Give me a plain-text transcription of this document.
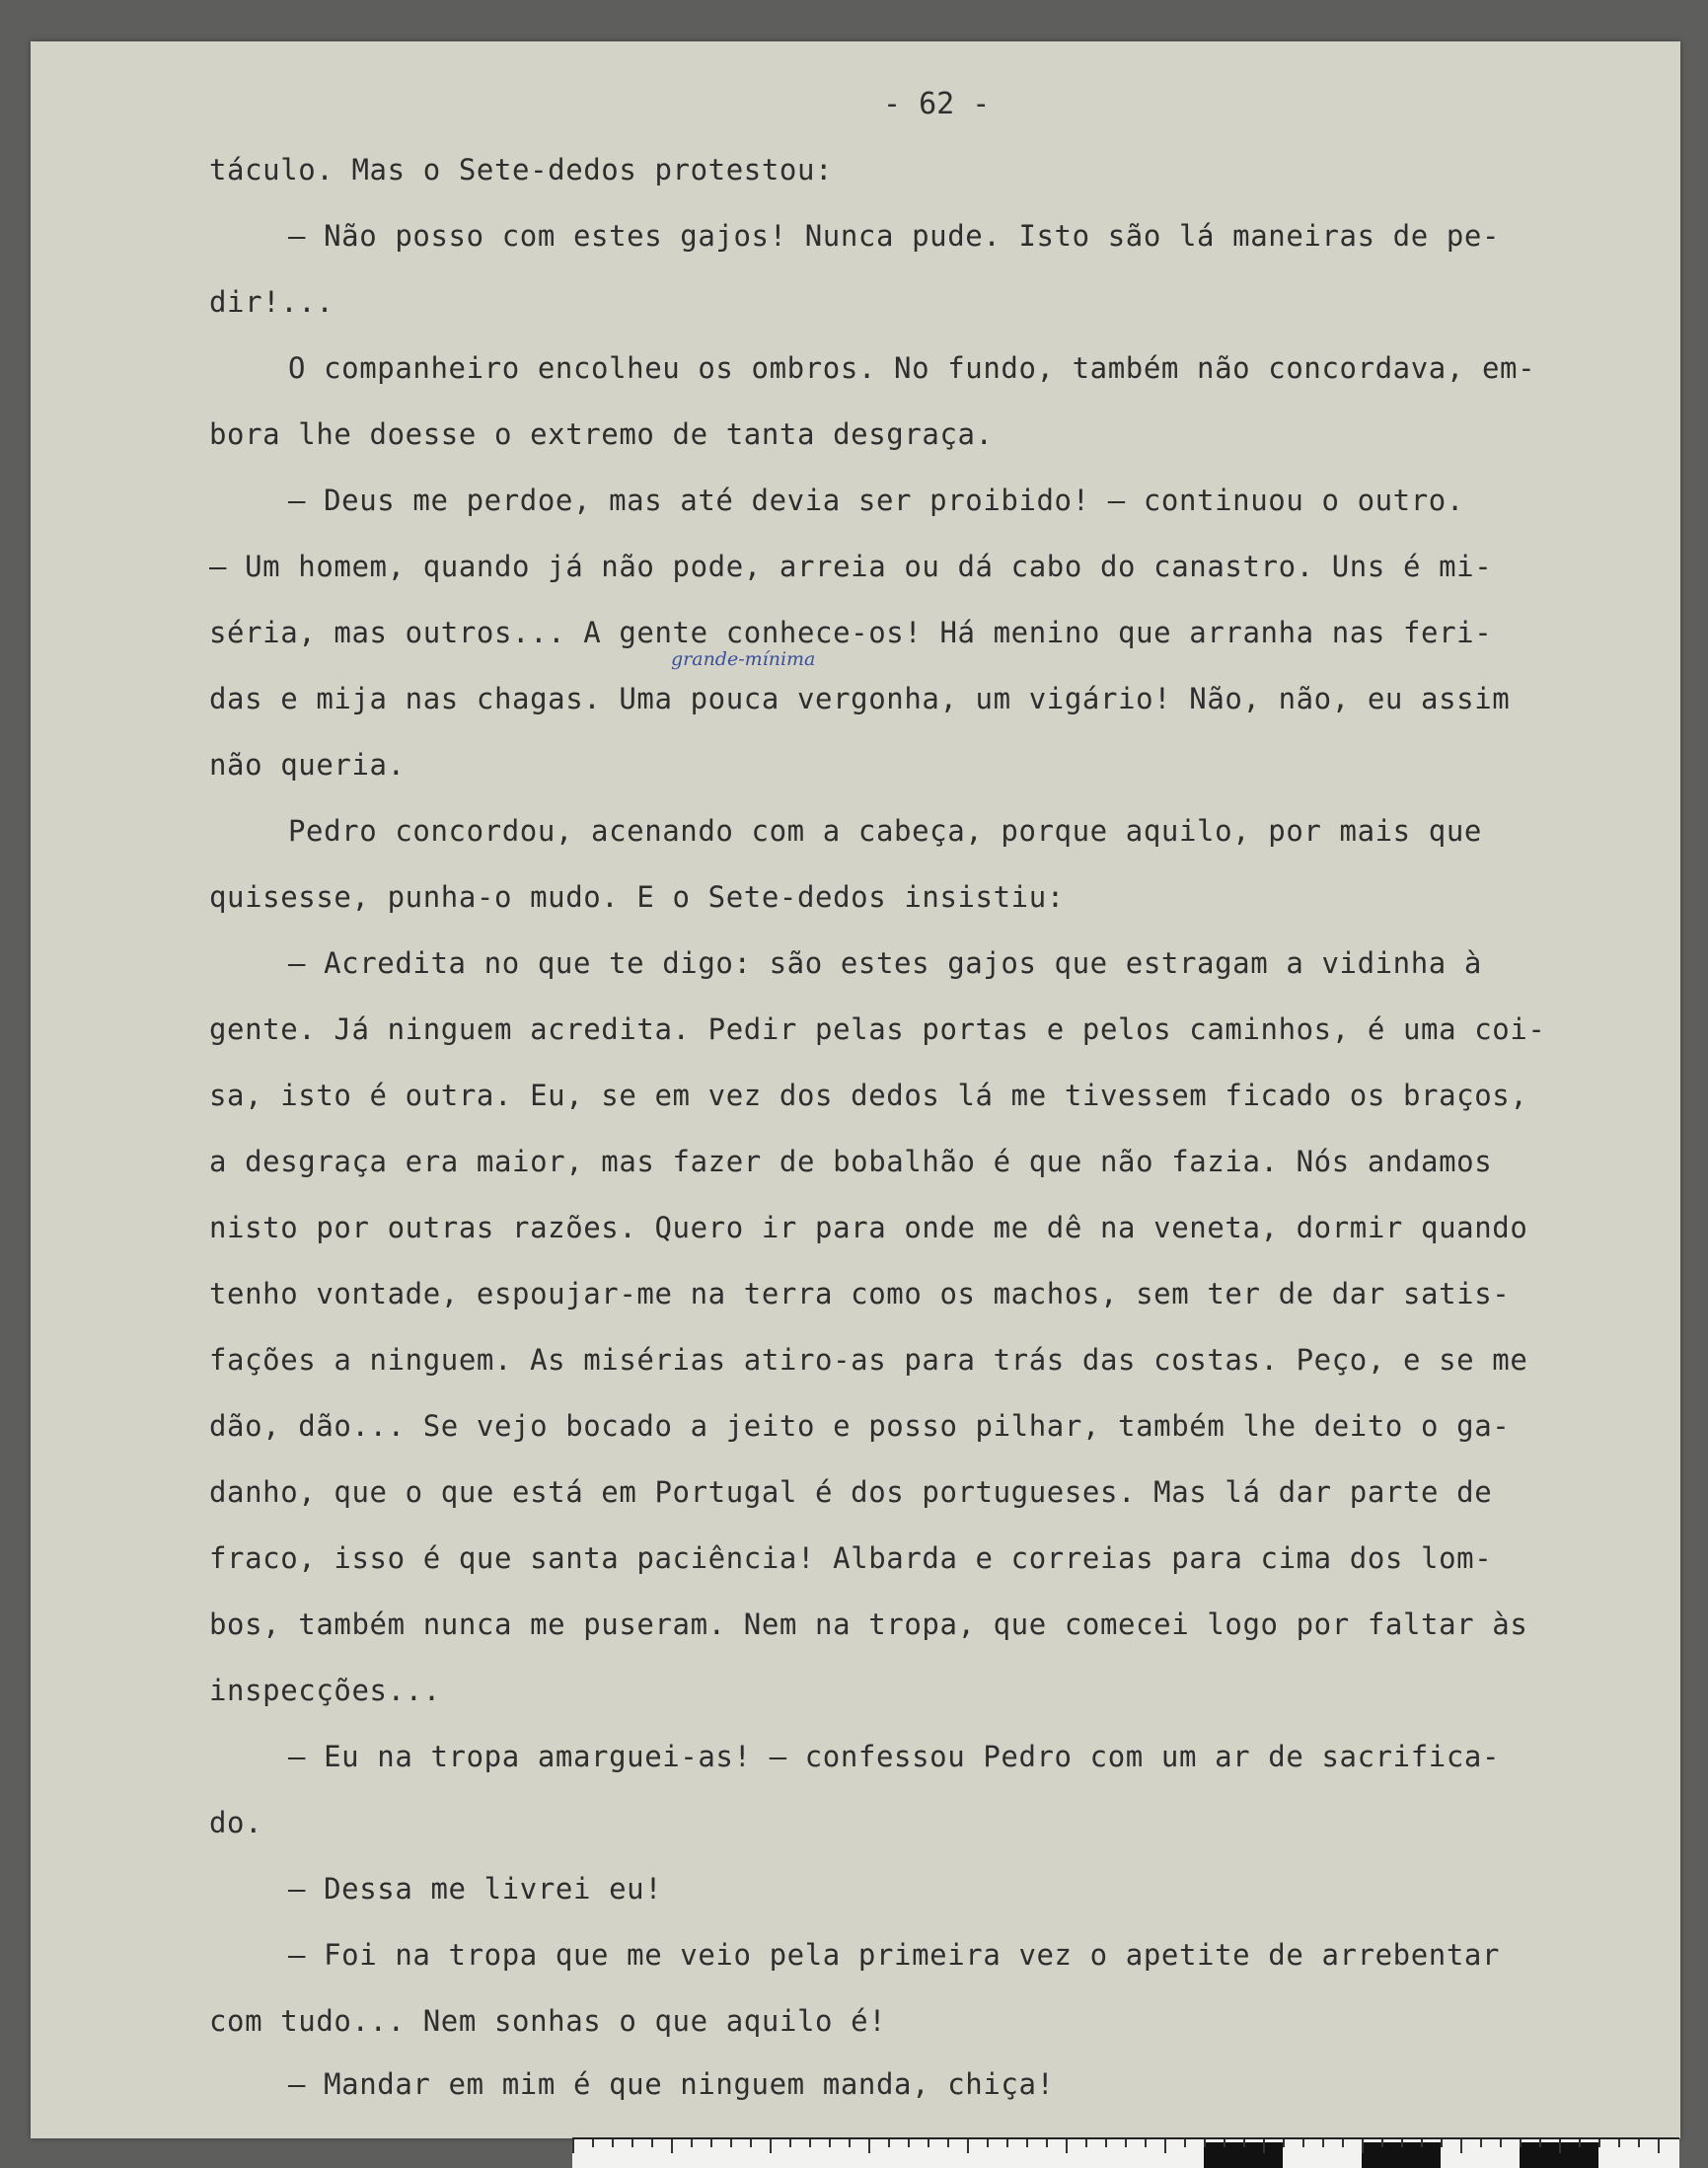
- 62 -
táculo. Mas o Sete-dedos protestou:
— Não posso com estes gajos! Nunca pude. Isto são lá maneiras de pe-
dir!...
O companheiro encolheu os ombros. No fundo, também não concordava, em-
bora lhe doesse o extremo de tanta desgraça.
— Deus me perdoe, mas até devia ser proibido! — continuou o outro.
— Um homem, quando já não pode, arreia ou dá cabo do canastro. Uns é mi-
séria, mas outros... A gente conhece-os! Há menino que arranha nas feri-
grande-mínima
das e mija nas chagas. Uma pouca vergonha, um vigário! Não, não, eu assim
não queria.
Pedro concordou, acenando com a cabeça, porque aquilo, por mais que
quisesse, punha-o mudo. E o Sete-dedos insistiu:
— Acredita no que te digo: são estes gajos que estragam a vidinha à
gente. Já ninguem acredita. Pedir pelas portas e pelos caminhos, é uma coi-
sa, isto é outra. Eu, se em vez dos dedos lá me tivessem ficado os braços,
a desgraça era maior, mas fazer de bobalhão é que não fazia. Nós andamos
nisto por outras razões. Quero ir para onde me dê na veneta, dormir quando
tenho vontade, espoujar-me na terra como os machos, sem ter de dar satis-
fações a ninguem. As misérias atiro-as para trás das costas. Peço, e se me
dão, dão... Se vejo bocado a jeito e posso pilhar, também lhe deito o ga-
danho, que o que está em Portugal é dos portugueses. Mas lá dar parte de
fraco, isso é que santa paciência! Albarda e correias para cima dos lom-
bos, também nunca me puseram. Nem na tropa, que comecei logo por faltar às
inspecções...
— Eu na tropa amarguei-as! — confessou Pedro com um ar de sacrifica-
do.
— Dessa me livrei eu!
— Foi na tropa que me veio pela primeira vez o apetite de arrebentar
com tudo... Nem sonhas o que aquilo é!
— Mandar em mim é que ninguem manda, chiça!
